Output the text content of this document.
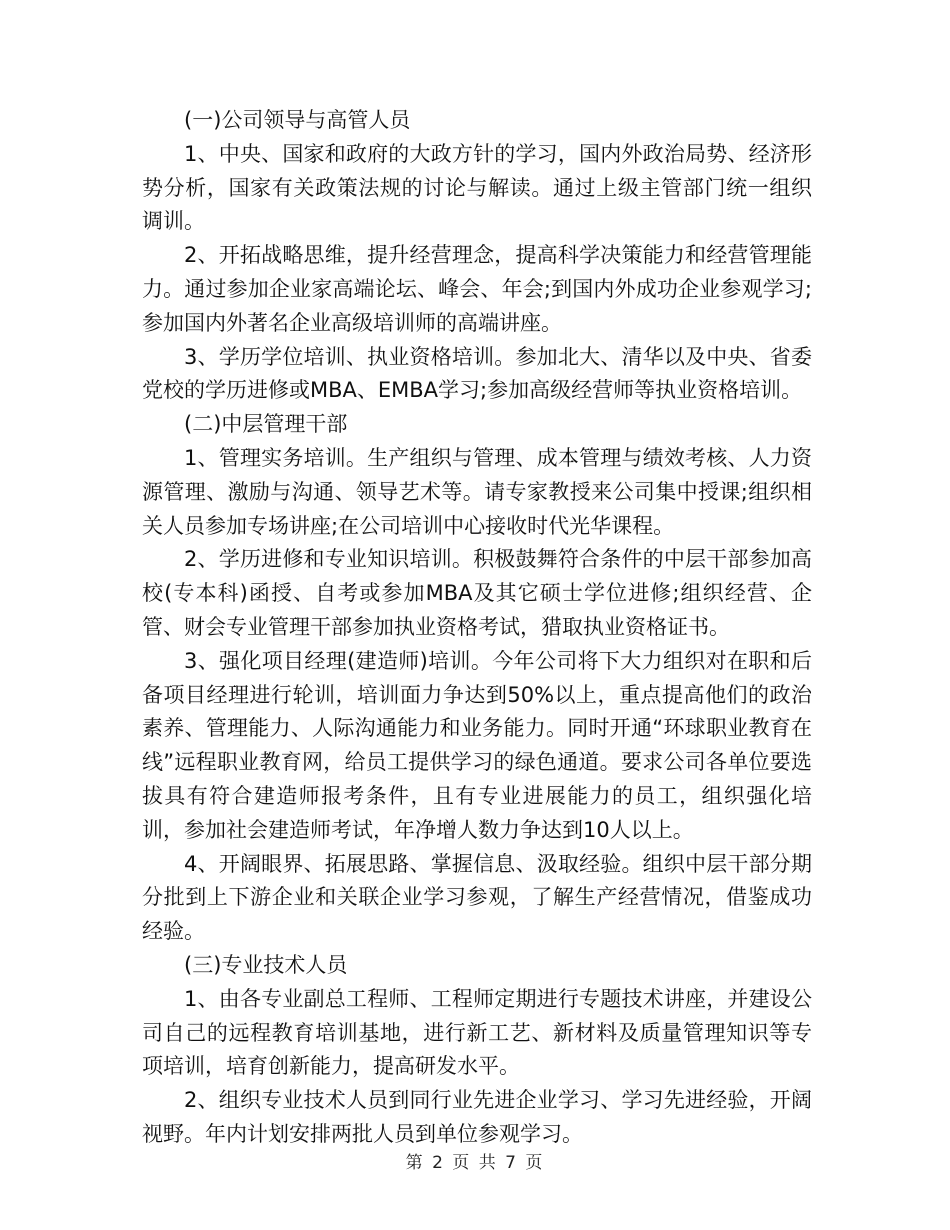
(一)公司领导与高管人员

1、中央、国家和政府的大政方针的学习，国内外政治局势、经济形势分析，国家有关政策法规的讨论与解读。通过上级主管部门统一组织调训。

2、开拓战略思维，提升经营理念，提高科学决策能力和经营管理能力。通过参加企业家高端论坛、峰会、年会;到国内外成功企业参观学习;参加国内外著名企业高级培训师的高端讲座。

3、学历学位培训、执业资格培训。参加北大、清华以及中央、省委党校的学历进修或MBA、EMBA学习;参加高级经营师等执业资格培训。

(二)中层管理干部

1、管理实务培训。生产组织与管理、成本管理与绩效考核、人力资源管理、激励与沟通、领导艺术等。请专家教授来公司集中授课;组织相关人员参加专场讲座;在公司培训中心接收时代光华课程。

2、学历进修和专业知识培训。积极鼓舞符合条件的中层干部参加高校(专本科)函授、自考或参加MBA及其它硕士学位进修;组织经营、企管、财会专业管理干部参加执业资格考试，猎取执业资格证书。

3、强化项目经理(建造师)培训。今年公司将下大力组织对在职和后备项目经理进行轮训，培训面力争达到50%以上，重点提高他们的政治素养、管理能力、人际沟通能力和业务能力。同时开通“环球职业教育在线”远程职业教育网，给员工提供学习的绿色通道。要求公司各单位要选拔具有符合建造师报考条件，且有专业进展能力的员工，组织强化培训，参加社会建造师考试，年净增人数力争达到10人以上。

4、开阔眼界、拓展思路、掌握信息、汲取经验。组织中层干部分期分批到上下游企业和关联企业学习参观，了解生产经营情况，借鉴成功经验。

(三)专业技术人员

1、由各专业副总工程师、工程师定期进行专题技术讲座，并建设公司自己的远程教育培训基地，进行新工艺、新材料及质量管理知识等专项培训，培育创新能力，提高研发水平。

2、组织专业技术人员到同行业先进企业学习、学习先进经验，开阔视野。年内计划安排两批人员到单位参观学习。

第 2 页 共 7 页
